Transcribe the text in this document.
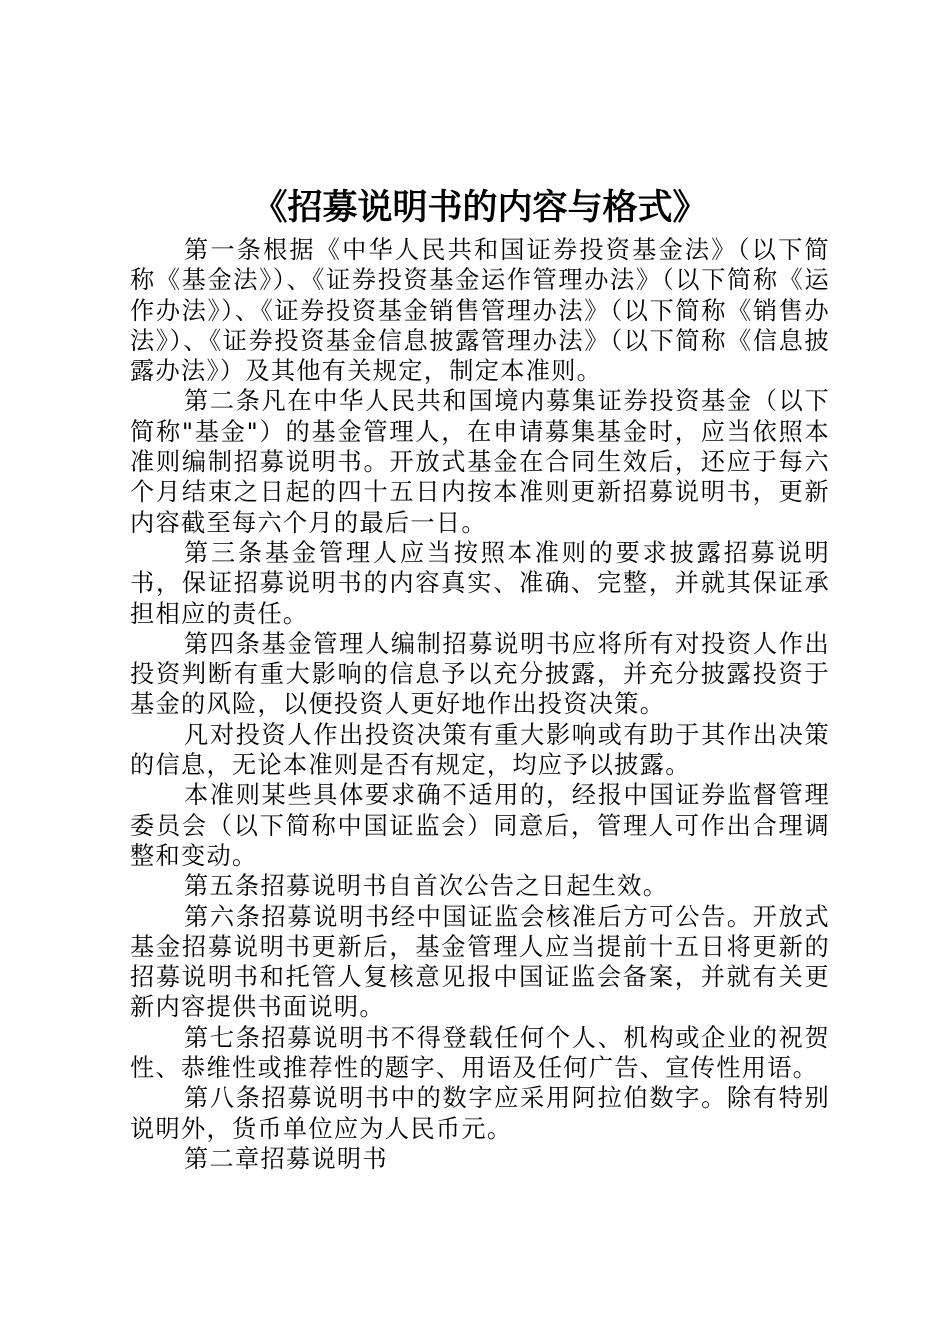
《招募说明书的内容与格式》

第一条根据《中华人民共和国证券投资基金法》（以下简称《基金法》）、《证券投资基金运作管理办法》（以下简称《运作办法》）、《证券投资基金销售管理办法》（以下简称《销售办法》）、《证券投资基金信息披露管理办法》（以下简称《信息披露办法》）及其他有关规定，制定本准则。

第二条凡在中华人民共和国境内募集证券投资基金（以下简称"基金"）的基金管理人，在申请募集基金时，应当依照本准则编制招募说明书。开放式基金在合同生效后，还应于每六个月结束之日起的四十五日内按本准则更新招募说明书，更新内容截至每六个月的最后一日。

第三条基金管理人应当按照本准则的要求披露招募说明书，保证招募说明书的内容真实、准确、完整，并就其保证承担相应的责任。

第四条基金管理人编制招募说明书应将所有对投资人作出投资判断有重大影响的信息予以充分披露，并充分披露投资于基金的风险，以便投资人更好地作出投资决策。

凡对投资人作出投资决策有重大影响或有助于其作出决策的信息，无论本准则是否有规定，均应予以披露。

本准则某些具体要求确不适用的，经报中国证券监督管理委员会（以下简称中国证监会）同意后，管理人可作出合理调整和变动。

第五条招募说明书自首次公告之日起生效。

第六条招募说明书经中国证监会核准后方可公告。开放式基金招募说明书更新后，基金管理人应当提前十五日将更新的招募说明书和托管人复核意见报中国证监会备案，并就有关更新内容提供书面说明。

第七条招募说明书不得登载任何个人、机构或企业的祝贺性、恭维性或推荐性的题字、用语及任何广告、宣传性用语。

第八条招募说明书中的数字应采用阿拉伯数字。除有特别说明外，货币单位应为人民币元。

第二章招募说明书
